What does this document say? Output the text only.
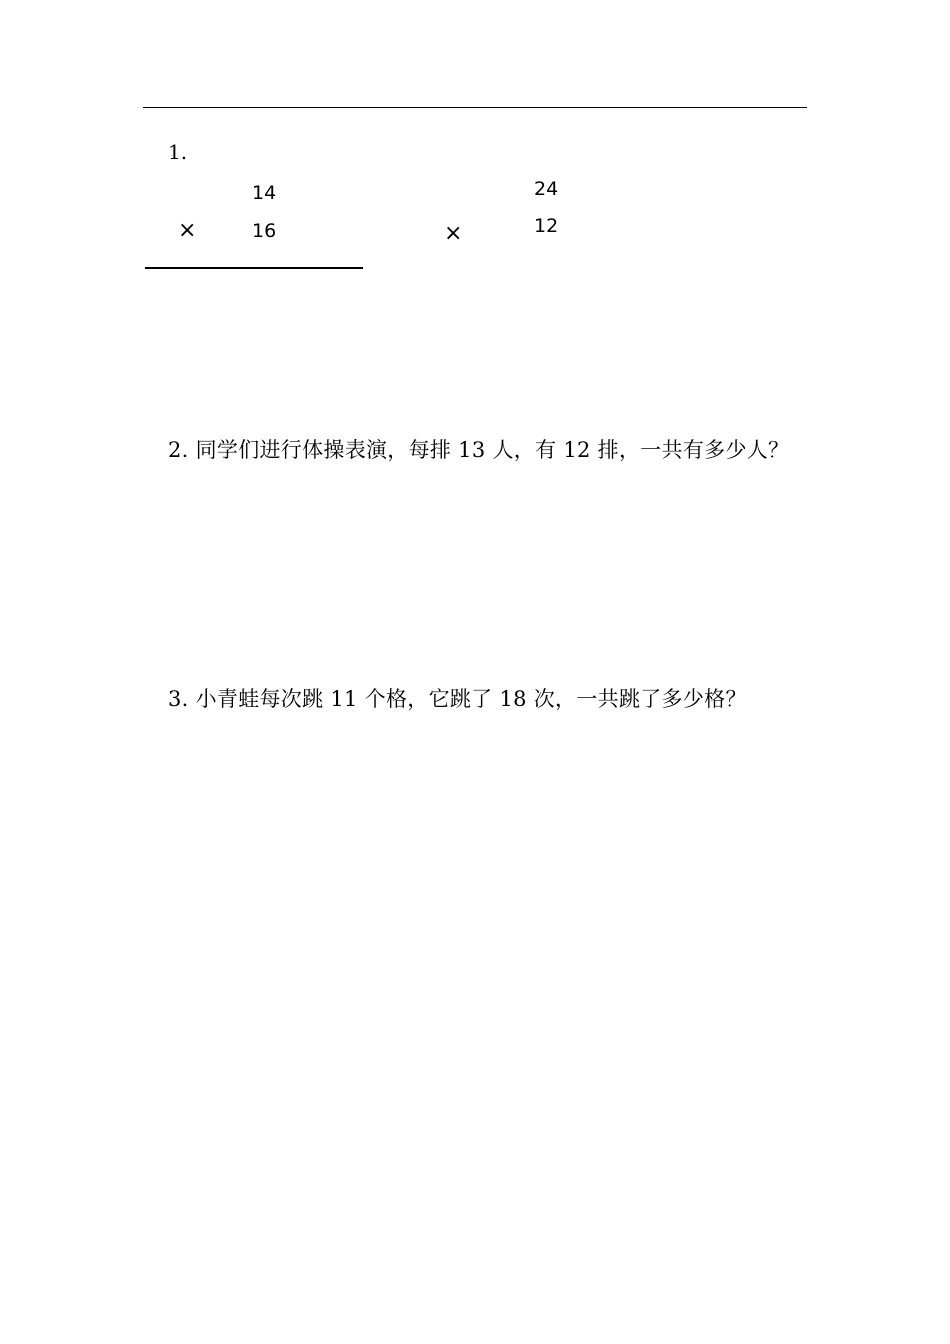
1.
14
×	16
24
×	12
2. 同学们进行体操表演，每排 13 人，有 12 排，一共有多少人？
3. 小青蛙每次跳 11 个格，它跳了 18 次，一共跳了多少格？
